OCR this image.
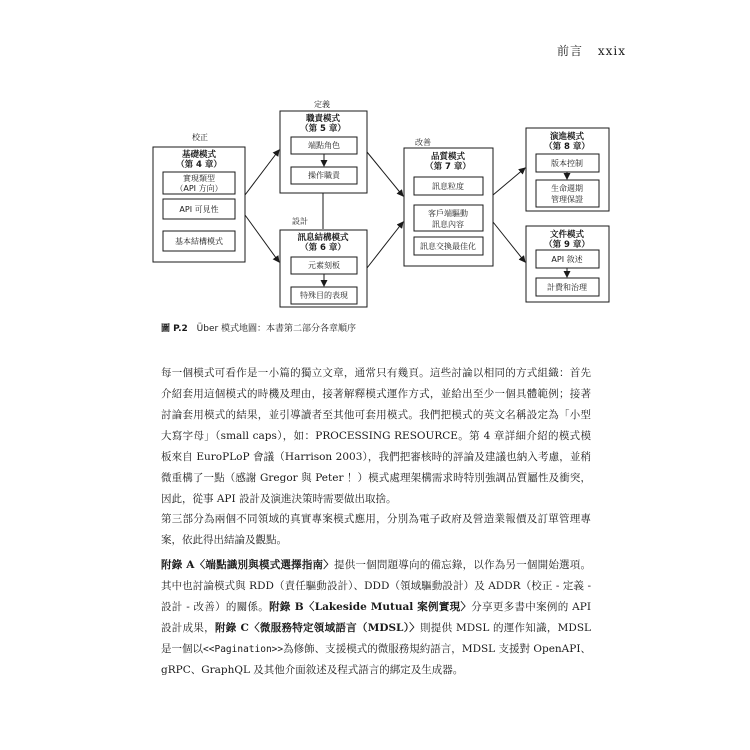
前言 xxix
定義
校正
設計
改善
基礎模式
（第 4 章）
實現類型
（API 方向）
API 可見性
基本結構模式
職責模式
（第 5 章）
端點角色
操作職責
訊息結構模式
（第 6 章）
元素刻板
特殊目的表現
品質模式
（第 7 章）
訊息粒度
客戶端驅動
訊息內容
訊息交換最佳化
演進模式
（第 8 章）
版本控制
生命週期
管理保證
文件模式
（第 9 章）
API 敘述
計費和治理
圖 P.2 Über 模式地圖：本書第二部分各章順序

每一個模式可看作是一小篇的獨立文章，通常只有幾頁。這些討論以相同的方式組織：首先介紹套用這個模式的時機及理由，接著解釋模式運作方式，並給出至少一個具體範例；接著討論套用模式的結果，並引導讀者至其他可套用模式。我們把模式的英文名稱設定為「小型大寫字母」（small caps），如：PROCESSING RESOURCE。第 4 章詳細介紹的模式模板來自 EuroPLoP 會議（Harrison 2003），我們把審核時的評論及建議也納入考慮，並稍微重構了一點（感謝 Gregor 與 Peter ！）模式處理架構需求時特別強調品質屬性及衝突，因此，從事 API 設計及演進決策時需要做出取捨。

第三部分為兩個不同領域的真實專案模式應用，分別為電子政府及營造業報價及訂單管理專案，依此得出結論及觀點。

附錄 A〈端點識別與模式選擇指南〉提供一個問題導向的備忘錄，以作為另一個開始選項。其中也討論模式與 RDD（責任驅動設計）、DDD（領域驅動設計）及 ADDR（校正 - 定義 - 設計 - 改善）的關係。附錄 B〈Lakeside Mutual 案例實現〉分享更多書中案例的 API 設計成果，附錄 C〈微服務特定領域語言（MDSL）〉則提供 MDSL 的運作知識，MDSL 是一個以<<Pagination>>為修飾、支援模式的微服務規約語言，MDSL 支援對 OpenAPI、gRPC、GraphQL 及其他介面敘述及程式語言的綁定及生成器。
